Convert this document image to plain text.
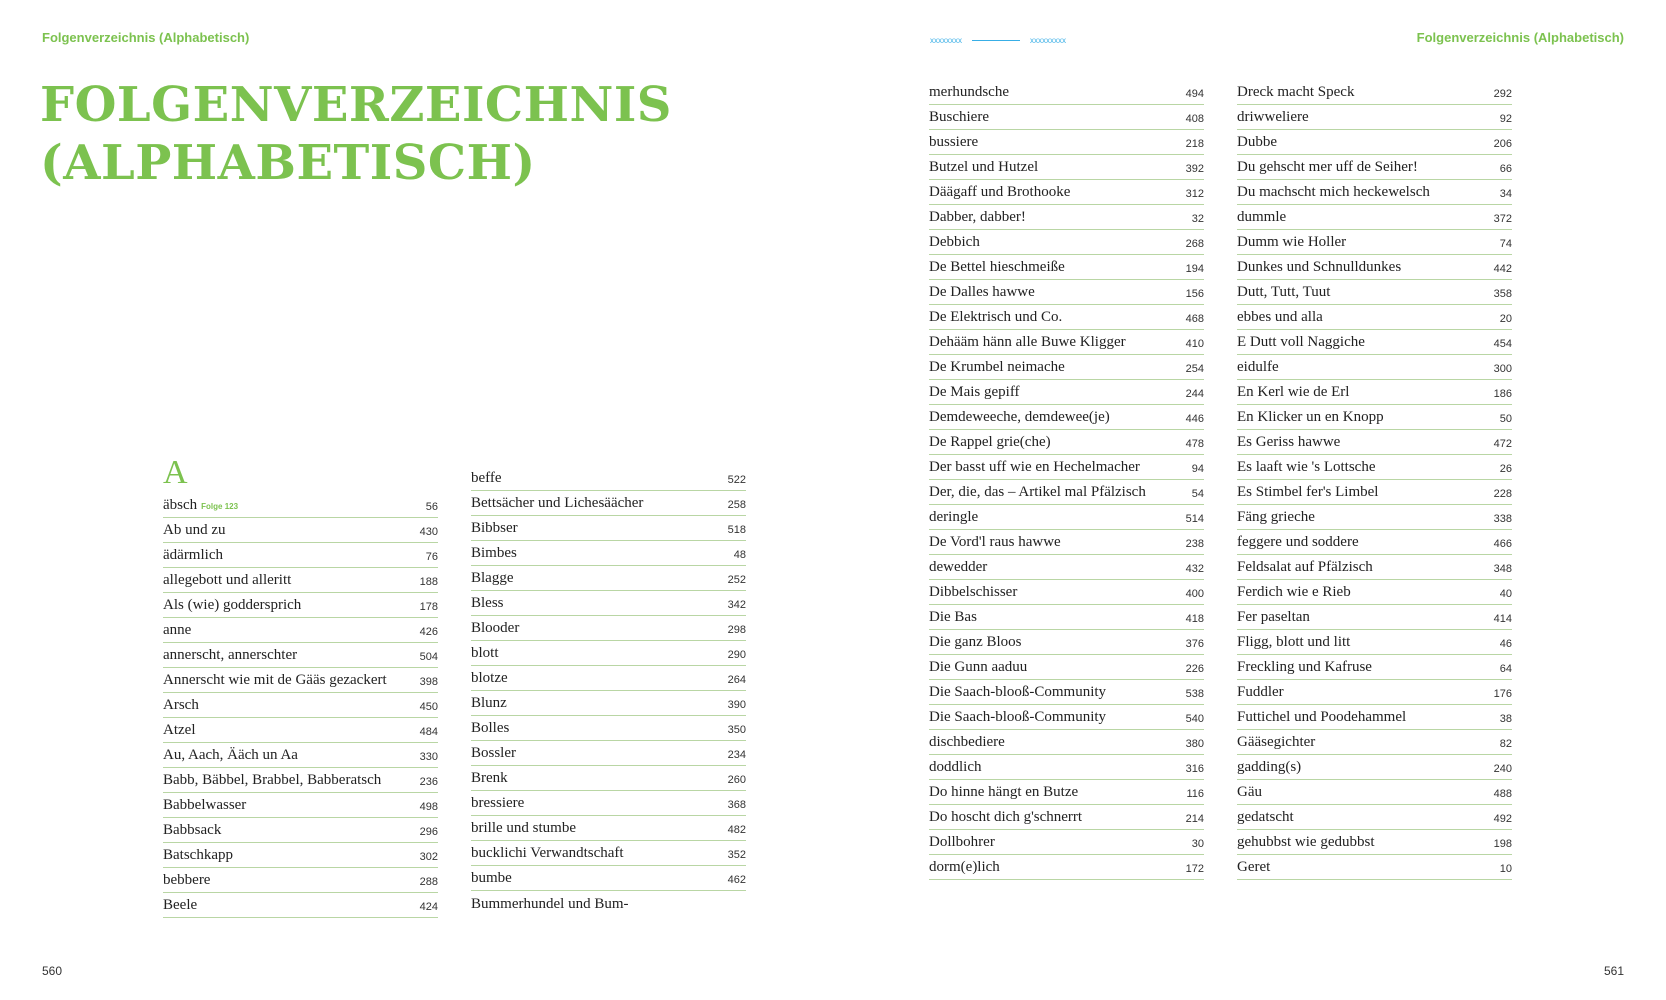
Folgenverzeichnis (Alphabetisch)	xxxxxxxx	xxxxxxxxx	Folgenverzeichnis (Alphabetisch)
FOLGENVERZEICHNIS
(ALPHABETISCH)
A
äbsch Folge 123	56
Ab und zu	430
ädärmlich	76
allegebott und alleritt	188
Als (wie) goddersprich	178
anne	426
annerscht, annerschter	504
Annerscht wie mit de Gääs gezackert	398
Arsch	450
Atzel	484
Au, Aach, Ääch un Aa	330
Babb, Bäbbel, Brabbel, Babberatsch	236
Babbelwasser	498
Babbsack	296
Batschkapp	302
bebbere	288
Beele	424
beffe	522
Bettsächer und Lichesäächer	258
Bibbser	518
Bimbes	48
Blagge	252
Bless	342
Blooder	298
blott	290
blotze	264
Blunz	390
Bolles	350
Bossler	234
Brenk	260
bressiere	368
brille und stumbe	482
bucklichi Verwandtschaft	352
bumbe	462
Bummerhundel und Bum-
merhundsche	494
Buschiere	408
bussiere	218
Butzel und Hutzel	392
Däägaff und Brothooke	312
Dabber, dabber!	32
Debbich	268
De Bettel hieschmeiße	194
De Dalles hawwe	156
De Elektrisch und Co.	468
Dehääm hänn alle Buwe Kligger	410
De Krumbel neimache	254
De Mais gepiff	244
Demdeweeche, demdewee(je)	446
De Rappel grie(che)	478
Der basst uff wie en Hechelmacher	94
Der, die, das – Artikel mal Pfälzisch	54
deringle	514
De Vord'l raus hawwe	238
dewedder	432
Dibbelschisser	400
Die Bas	418
Die ganz Bloos	376
Die Gunn aaduu	226
Die Saach-blooß-Community	538
Die Saach-blooß-Community	540
dischbediere	380
doddlich	316
Do hinne hängt en Butze	116
Do hoscht dich g'schnerrt	214
Dollbohrer	30
dorm(e)lich	172
Dreck macht Speck	292
driwweliere	92
Dubbe	206
Du gehscht mer uff de Seiher!	66
Du machscht mich heckewelsch	34
dummle	372
Dumm wie Holler	74
Dunkes und Schnulldunkes	442
Dutt, Tutt, Tuut	358
ebbes und alla	20
E Dutt voll Naggiche	454
eidulfe	300
En Kerl wie de Erl	186
En Klicker un en Knopp	50
Es Geriss hawwe	472
Es laaft wie 's Lottsche	26
Es Stimbel fer's Limbel	228
Fäng grieche	338
feggere und soddere	466
Feldsalat auf Pfälzisch	348
Ferdich wie e Rieb	40
Fer paseltan	414
Fligg, blott und litt	46
Freckling und Kafruse	64
Fuddler	176
Futtichel und Poodehammel	38
Gääsegichter	82
gadding(s)	240
Gäu	488
gedatscht	492
gehubbst wie gedubbst	198
Geret	10
560	561
